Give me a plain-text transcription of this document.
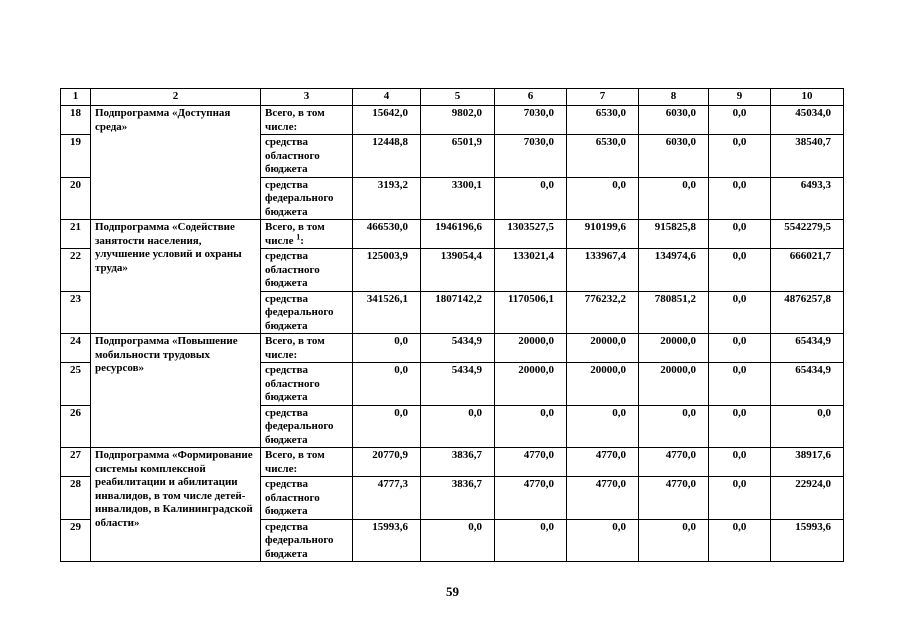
1	2	3	4	5	6	7	8	9	10
18	Подпрограмма «Доступная среда»	Всего, в том числе:	15642,0	9802,0	7030,0	6530,0	6030,0	0,0	45034,0
19		средства областного бюджета	12448,8	6501,9	7030,0	6530,0	6030,0	0,0	38540,7
20		средства федерального бюджета	3193,2	3300,1	0,0	0,0	0,0	0,0	6493,3
21	Подпрограмма «Содействие занятости населения, улучшение условий и охраны труда»	Всего, в том числе $^1$:	466530,0	1946196,6	1303527,5	910199,6	915825,8	0,0	5542279,5
22		средства областного бюджета	125003,9	139054,4	133021,4	133967,4	134974,6	0,0	666021,7
23		средства федерального бюджета	341526,1	1807142,2	1170506,1	776232,2	780851,2	0,0	4876257,8
24	Подпрограмма «Повышение мобильности трудовых ресурсов»	Всего, в том числе:	0,0	5434,9	20000,0	20000,0	20000,0	0,0	65434,9
25		средства областного бюджета	0,0	5434,9	20000,0	20000,0	20000,0	0,0	65434,9
26		средства федерального бюджета	0,0	0,0	0,0	0,0	0,0	0,0	0,0
27	Подпрограмма «Формирование системы комплексной реабилитации и абилитации инвалидов, в том числе детей-инвалидов, в Калининградской области»	Всего, в том числе:	20770,9	3836,7	4770,0	4770,0	4770,0	0,0	38917,6
28		средства областного бюджета	4777,3	3836,7	4770,0	4770,0	4770,0	0,0	22924,0
29		средства федерального бюджета	15993,6	0,0	0,0	0,0	0,0	0,0	15993,6
59
